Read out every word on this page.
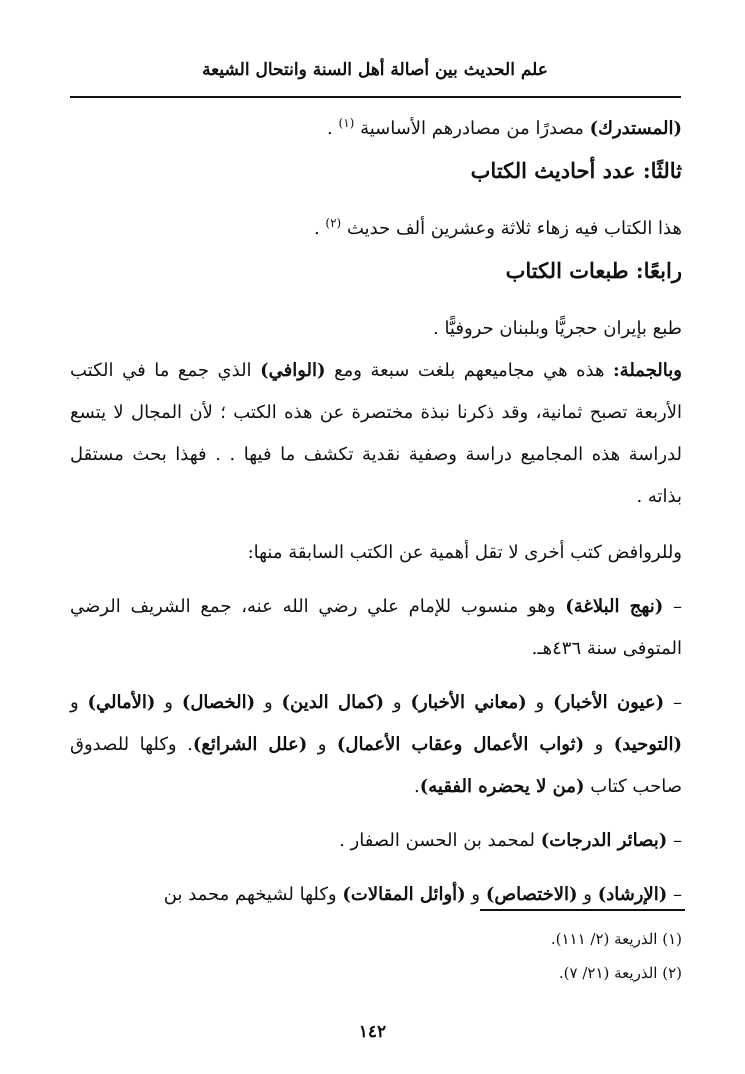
علم الحديث بين أصالة أهل السنة وانتحال الشيعة

(المستدرك) مصدرًا من مصادرهم الأساسية $^{(١)}$ .

ثالثًا: عدد أحاديث الكتاب

هذا الكتاب فيه زهاء ثلاثة وعشرين ألف حديث $^{(٢)}$ .

رابعًا: طبعات الكتاب

طبع بإيران حجريًّا وبلبنان حروفيًّا .

وبالجملة: هذه هي مجاميعهم بلغت سبعة ومع (الوافي) الذي جمع ما في الكتب الأربعة تصبح ثمانية، وقد ذكرنا نبذة مختصرة عن هذه الكتب ؛ لأن المجال لا يتسع لدراسة هذه المجاميع دراسة وصفية نقدية تكشف ما فيها . . فهذا بحث مستقل بذاته .

وللروافض كتب أخرى لا تقل أهمية عن الكتب السابقة منها:

– (نهج البلاغة) وهو منسوب للإمام علي رضي الله عنه، جمع الشريف الرضي المتوفى سنة ٤٣٦هـ.

– (عيون الأخبار) و (معاني الأخبار) و (كمال الدين) و (الخصال) و (الأمالي) و (التوحيد) و (ثواب الأعمال وعقاب الأعمال) و (علل الشرائع). وكلها للصدوق صاحب كتاب (من لا يحضره الفقيه).

– (بصائر الدرجات) لمحمد بن الحسن الصفار .

– (الإرشاد) و (الاختصاص) و (أوائل المقالات) وكلها لشيخهم محمد بن

(١) الذريعة (٢/ ١١١).

(٢) الذريعة (٢١/ ٧).

١٤٢
